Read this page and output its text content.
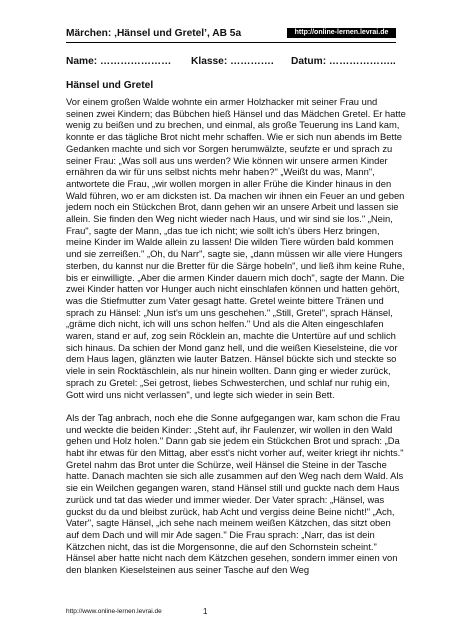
Märchen: ‚Hänsel und Gretel’, AB 5a	http://online-lernen.levrai.de
Name: ………………… Klasse: …………. Datum: ………………..
Hänsel und Gretel

Vor einem großen Walde wohnte ein armer Holzhacker mit seiner Frau und seinen zwei Kindern; das Bübchen hieß Hänsel und das Mädchen Gretel. Er hatte wenig zu beißen und zu brechen, und einmal, als große Teuerung ins Land kam, konnte er das tägliche Brot nicht mehr schaffen. Wie er sich nun abends im Bette Gedanken machte und sich vor Sorgen herumwälzte, seufzte er und sprach zu seiner Frau: „Was soll aus uns werden? Wie können wir unsere armen Kinder ernähren da wir für uns selbst nichts mehr haben?" „Weißt du was, Mann", antwortete die Frau, „wir wollen morgen in aller Frühe die Kinder hinaus in den Wald führen, wo er am dicksten ist. Da machen wir ihnen ein Feuer an und geben jedem noch ein Stückchen Brot, dann gehen wir an unsere Arbeit und lassen sie allein. Sie finden den Weg nicht wieder nach Haus, und wir sind sie los." „Nein, Frau", sagte der Mann, „das tue ich nicht; wie sollt ich's übers Herz bringen, meine Kinder im Walde allein zu lassen! Die wilden Tiere würden bald kommen und sie zerreißen." „Oh, du Narr", sagte sie, „dann müssen wir alle viere Hungers sterben, du kannst nur die Bretter für die Särge hobeln", und ließ ihm keine Ruhe, bis er einwilligte. „Aber die armen Kinder dauern mich doch", sagte der Mann. Die zwei Kinder hatten vor Hunger auch nicht einschlafen können und hatten gehört, was die Stiefmutter zum Vater gesagt hatte. Gretel weinte bittere Tränen und sprach zu Hänsel: „Nun ist's um uns geschehen." „Still, Gretel", sprach Hänsel, „gräme dich nicht, ich will uns schon helfen." Und als die Alten eingeschlafen waren, stand er auf, zog sein Röcklein an, machte die Untertüre auf und schlich sich hinaus. Da schien der Mond ganz hell, und die weißen Kieselsteine, die vor dem Haus lagen, glänzten wie lauter Batzen. Hänsel bückte sich und steckte so viele in sein Rocktäschlein, als nur hinein wollten. Dann ging er wieder zurück, sprach zu Gretel: „Sei getrost, liebes Schwesterchen, und schlaf nur ruhig ein, Gott wird uns nicht verlassen", und legte sich wieder in sein Bett.

Als der Tag anbrach, noch ehe die Sonne aufgegangen war, kam schon die Frau und weckte die beiden Kinder: „Steht auf, ihr Faulenzer, wir wollen in den Wald gehen und Holz holen." Dann gab sie jedem ein Stückchen Brot und sprach: „Da habt ihr etwas für den Mittag, aber esst's nicht vorher auf, weiter kriegt ihr nichts." Gretel nahm das Brot unter die Schürze, weil Hänsel die Steine in der Tasche hatte. Danach machten sie sich alle zusammen auf den Weg nach dem Wald. Als sie ein Weilchen gegangen waren, stand Hänsel still und guckte nach dem Haus zurück und tat das wieder und immer wieder. Der Vater sprach: „Hänsel, was guckst du da und bleibst zurück, hab Acht und vergiss deine Beine nicht!" „Ach, Vater", sagte Hänsel, „ich sehe nach meinem weißen Kätzchen, das sitzt oben auf dem Dach und will mir Ade sagen." Die Frau sprach: „Narr, das ist dein Kätzchen nicht, das ist die Morgensonne, die auf den Schornstein scheint." Hänsel aber hatte nicht nach dem Kätzchen gesehen, sondern immer einen von den blanken Kieselsteinen aus seiner Tasche auf den Weg

http://www.online-lernen.levrai.de	1
